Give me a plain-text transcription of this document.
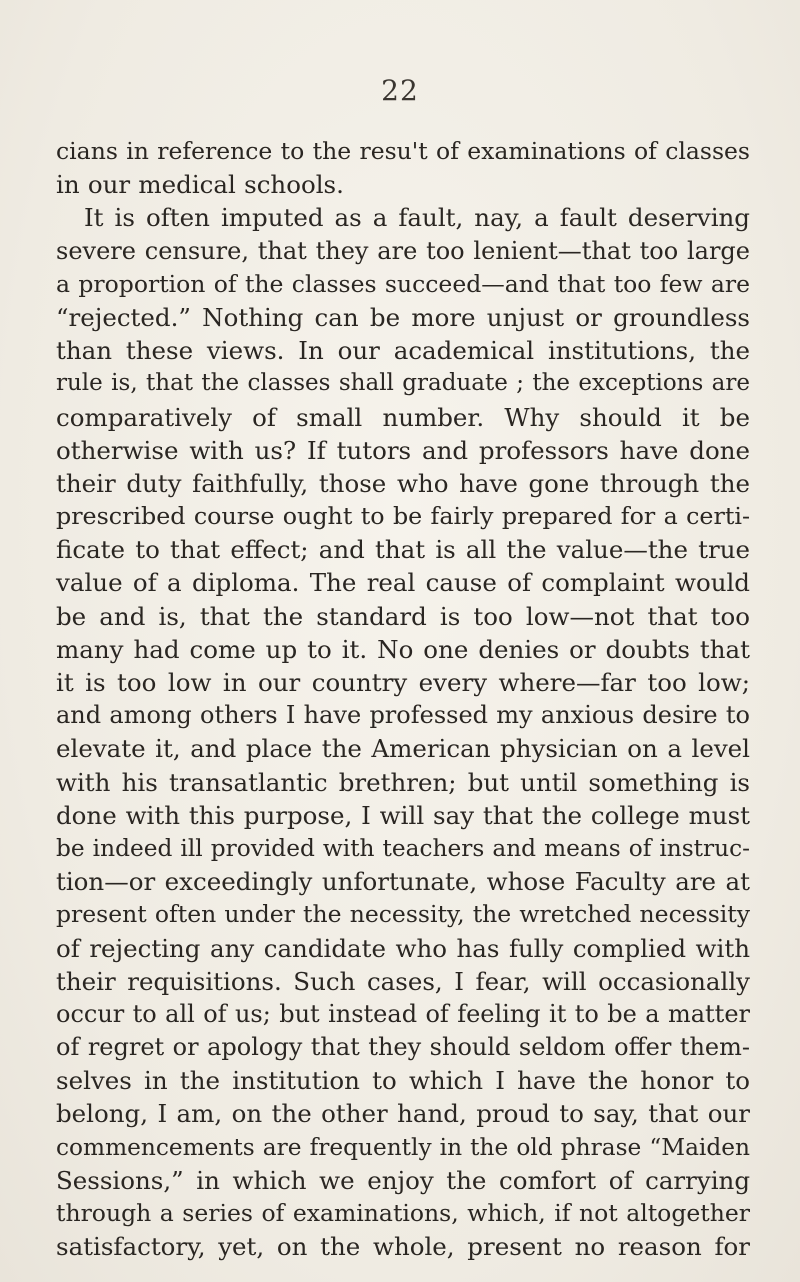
22
cians in reference to the resu't of examinations of classes
in our medical schools.
It is often imputed as a fault, nay, a fault deserving
severe censure, that they are too lenient—that too large
a proportion of the classes succeed—and that too few are
“rejected.” Nothing can be more unjust or groundless
than these views. In our academical institutions, the
rule is, that the classes shall graduate ; the exceptions are
comparatively of small number. Why should it be
otherwise with us? If tutors and professors have done
their duty faithfully, those who have gone through the
prescribed course ought to be fairly prepared for a certi-
ficate to that effect; and that is all the value—the true
value of a diploma. The real cause of complaint would
be and is, that the standard is too low—not that too
many had come up to it. No one denies or doubts that
it is too low in our country every where—far too low;
and among others I have professed my anxious desire to
elevate it, and place the American physician on a level
with his transatlantic brethren; but until something is
done with this purpose, I will say that the college must
be indeed ill provided with teachers and means of instruc-
tion—or exceedingly unfortunate, whose Faculty are at
present often under the necessity, the wretched necessity
of rejecting any candidate who has fully complied with
their requisitions. Such cases, I fear, will occasionally
occur to all of us; but instead of feeling it to be a matter
of regret or apology that they should seldom offer them-
selves in the institution to which I have the honor to
belong, I am, on the other hand, proud to say, that our
commencements are frequently in the old phrase “Maiden
Sessions,” in which we enjoy the comfort of carrying
through a series of examinations, which, if not altogether
satisfactory, yet, on the whole, present no reason for
